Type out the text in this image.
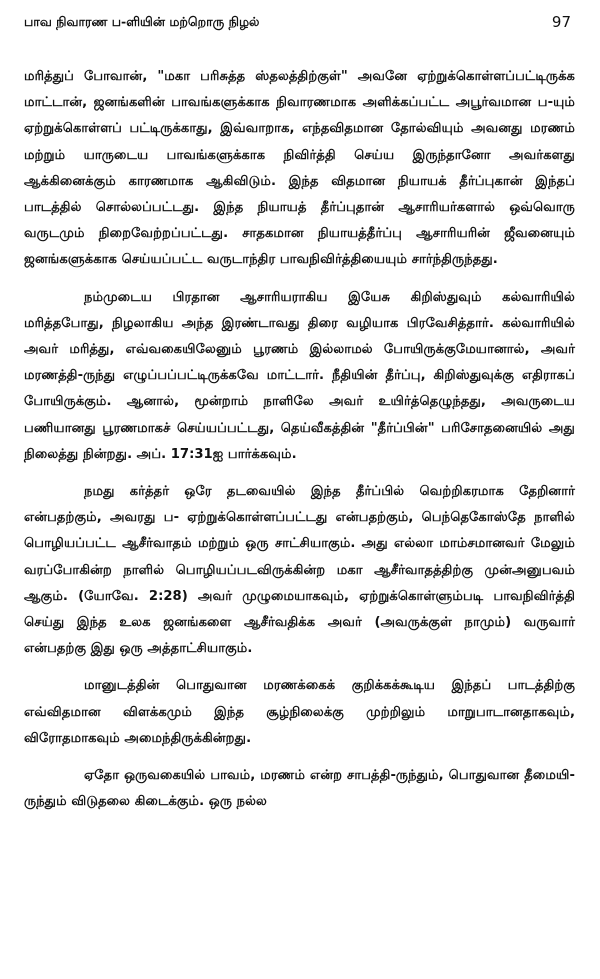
பாவ நிவாரண ப-ளியின் மற்றொரு நிழல்	97

மரித்துப் போவான், "மகா பரிசுத்த ஸ்தலத்திற்குள்" அவனே ஏற்றுக்கொள்ளப்பட்டிருக்க மாட்டான், ஜனங்களின் பாவங்களுக்காக நிவாரணமாக அளிக்கப்பட்ட அபூர்வமான ப-யும் ஏற்றுக்கொள்ளப் பட்டிருக்காது, இவ்வாறாக, எந்தவிதமான தோல்வியும் அவனது மரணம் மற்றும் யாருடைய பாவங்களுக்காக நிவிர்த்தி செய்ய இருந்தானோ அவர்களது ஆக்கினைக்கும் காரணமாக ஆகிவிடும். இந்த விதமான நியாயக் தீர்ப்புகான் இந்தப் பாடத்தில் சொல்லப்பட்டது. இந்த நியாயத் தீர்ப்புதான் ஆசாரியர்களால் ஒவ்வொரு வருடமும் நிறைவேற்றப்பட்டது. சாதகமான நியாயத்தீர்ப்பு ஆசாரியரின் ஜீவனையும் ஜனங்களுக்காக செய்யப்பட்ட வருடாந்திர பாவநிவிர்த்தியையும் சார்ந்திருந்தது.

நம்முடைய பிரதான ஆசாரியராகிய இயேசு கிறிஸ்துவும் கல்வாரியில் மரித்தபோது, நிழலாகிய அந்த இரண்டாவது திரை வழியாக பிரவேசித்தார். கல்வாரியில் அவர் மரித்து, எவ்வகையிலேனும் பூரணம் இல்லாமல் போயிருக்குமேயானால், அவர் மரணத்தி-ருந்து எழுப்பப்பட்டிருக்கவே மாட்டார். நீதியின் தீர்ப்பு, கிறிஸ்துவுக்கு எதிராகப் போயிருக்கும். ஆனால், மூன்றாம் நாளிலே அவர் உயிர்த்தெழுந்தது, அவருடைய பணியானது பூரணமாகச் செய்யப்பட்டது, தெய்வீகத்தின் "தீர்ப்பின்" பரிசோதனையில் அது நிலைத்து நின்றது. அப். 17:31ஐ பார்க்கவும்.

நமது கர்த்தர் ஒரே தடவையில் இந்த தீர்ப்பில் வெற்றிகரமாக தேறினார் என்பதற்கும், அவரது ப- ஏற்றுக்கொள்ளப்பட்டது என்பதற்கும், பெந்தெகோஸ்தே நாளில் பொழியப்பட்ட ஆசீர்வாதம் மற்றும் ஒரு சாட்சியாகும். அது எல்லா மாம்சமானவர் மேலும் வரப்போகின்ற நாளில் பொழியப்படவிருக்கின்ற மகா ஆசீர்வாதத்திற்கு முன்அனுபவம் ஆகும். (யோவே. 2:28) அவர் முழுமையாகவும், ஏற்றுக்கொள்ளும்படி பாவநிவிர்த்தி செய்து இந்த உலக ஜனங்களை ஆசீர்வதிக்க அவர் (அவருக்குள் நாமும்) வருவார் என்பதற்கு இது ஒரு அத்தாட்சியாகும்.

மானுடத்தின் பொதுவான மரணக்கைக் குறிக்கக்கூடிய இந்தப் பாடத்திற்கு எவ்விதமான விளக்கமும் இந்த சூழ்நிலைக்கு முற்றிலும் மாறுபாடானதாகவும், விரோதமாகவும் அமைந்திருக்கின்றது.

ஏதோ ஒருவகையில் பாவம், மரணம் என்ற சாபத்தி-ருந்தும், பொதுவான தீமையி-ருந்தும் விடுதலை கிடைக்கும். ஒரு நல்ல
